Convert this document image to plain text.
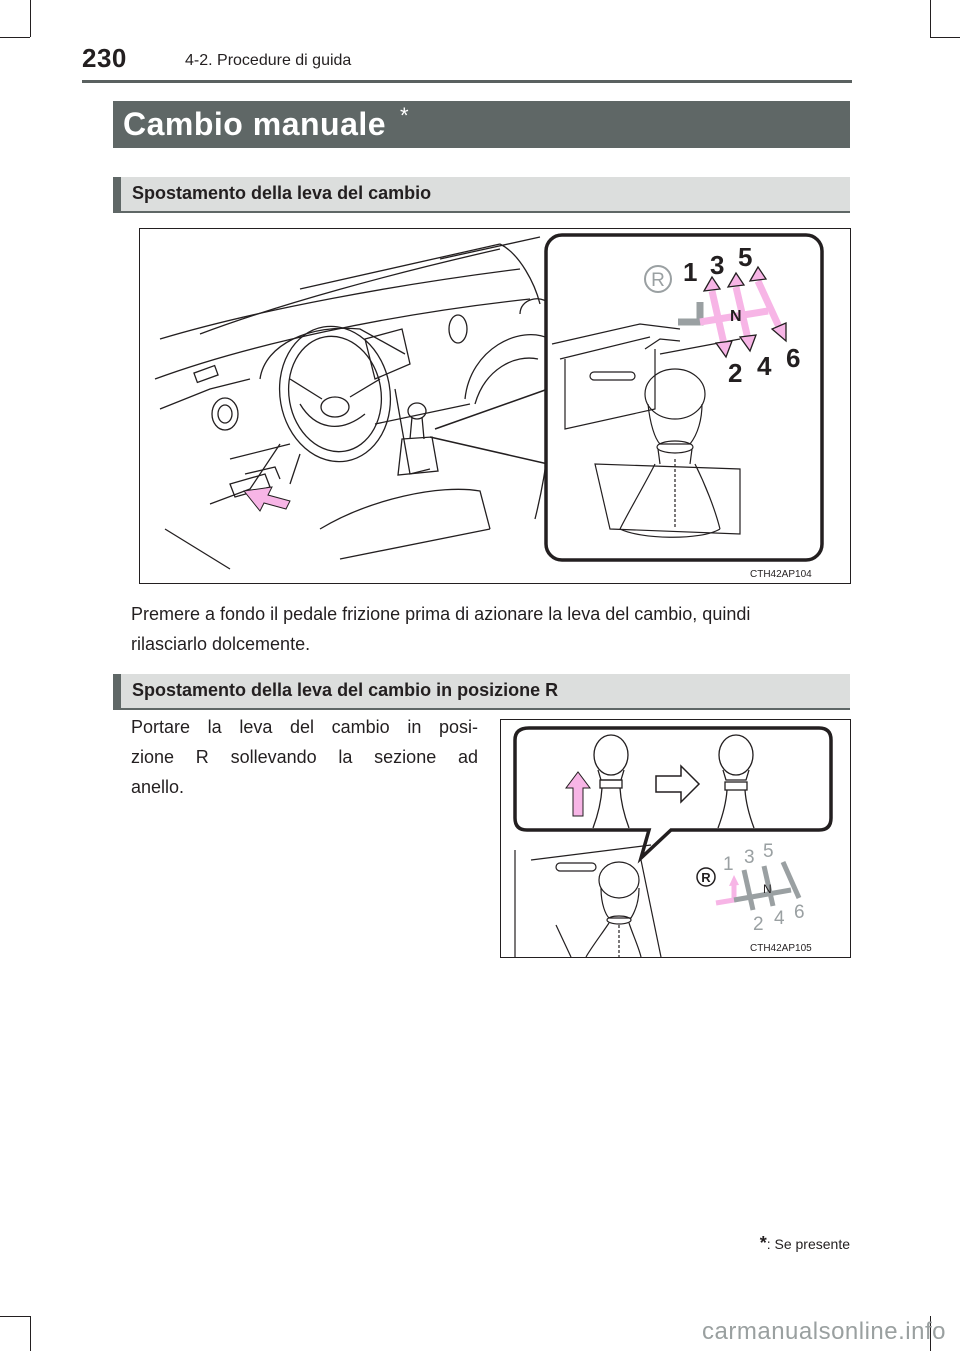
230	4-2. Procedure di guida
Cambio manuale *
Spostamento della leva del cambio
R 1 3 5
N
2 4 6
CTH42AP104
Premere a fondo il pedale frizione prima di azionare la leva del cambio, quindi
rilasciarlo dolcemente.
Spostamento della leva del cambio in posizione R
Portare la leva del cambio in posi-
zione R sollevando la sezione ad
anello.
R
1 3 5
N
2 4 6
CTH42AP105
*: Se presente
carmanualsonline.info
